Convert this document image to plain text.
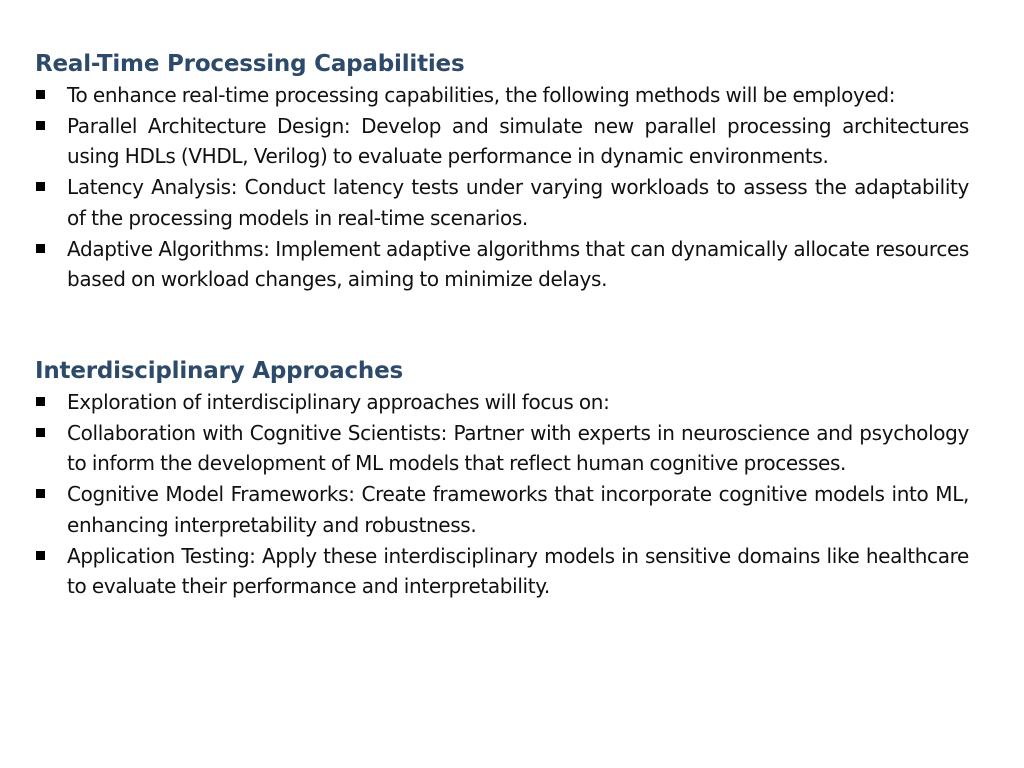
Real-Time Processing Capabilities
To enhance real-time processing capabilities, the following methods will be employed:
Parallel Architecture Design: Develop and simulate new parallel processing architectures using HDLs (VHDL, Verilog) to evaluate performance in dynamic environments.
Latency Analysis: Conduct latency tests under varying workloads to assess the adaptability of the processing models in real-time scenarios.
Adaptive Algorithms: Implement adaptive algorithms that can dynamically allocate resources based on workload changes, aiming to minimize delays.
Interdisciplinary Approaches
Exploration of interdisciplinary approaches will focus on:
Collaboration with Cognitive Scientists: Partner with experts in neuroscience and psychology to inform the development of ML models that reflect human cognitive processes.
Cognitive Model Frameworks: Create frameworks that incorporate cognitive models into ML, enhancing interpretability and robustness.
Application Testing: Apply these interdisciplinary models in sensitive domains like healthcare to evaluate their performance and interpretability.
